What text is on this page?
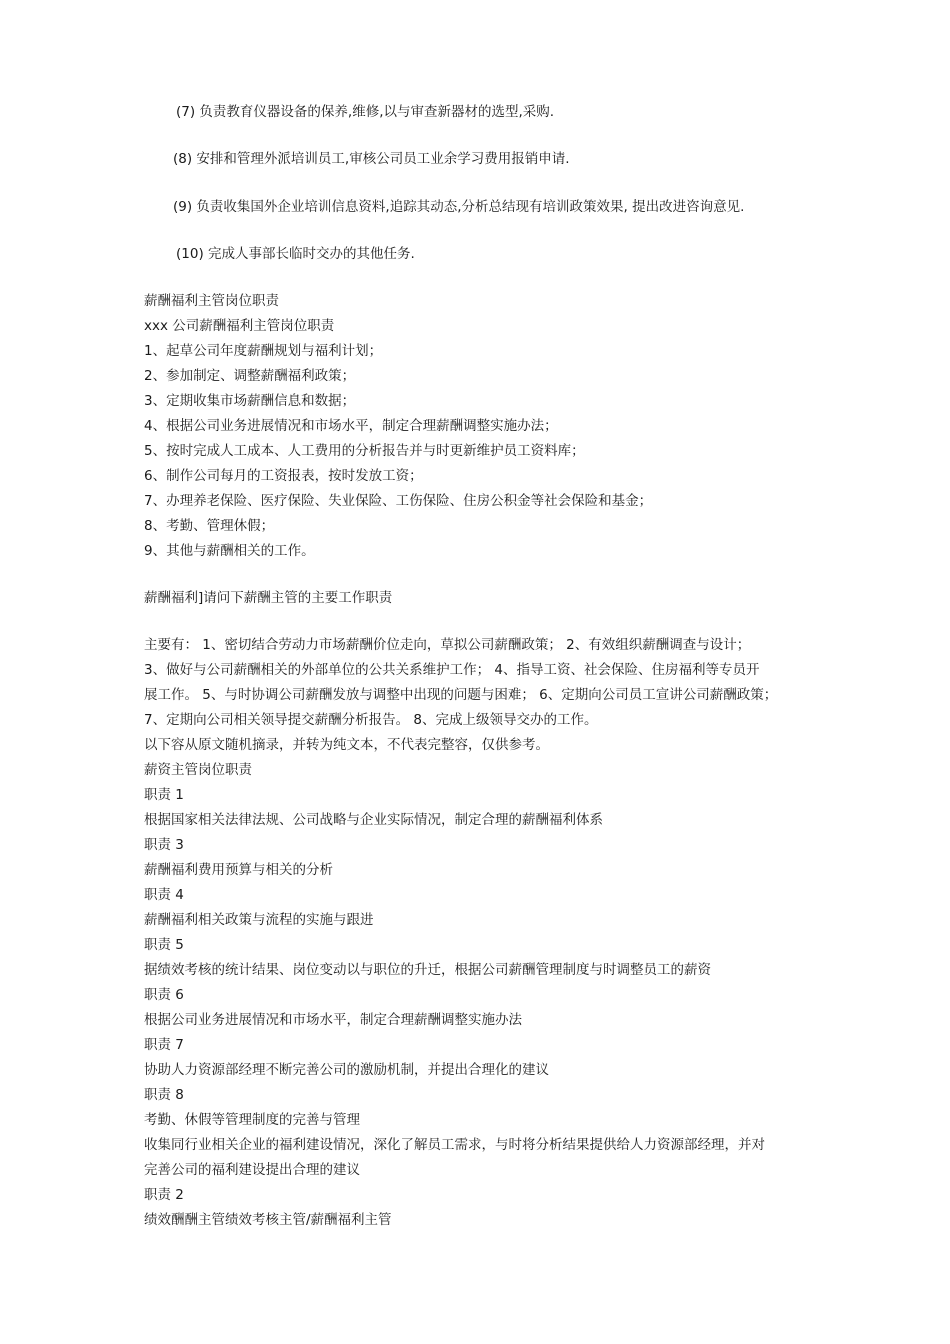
(7) 负责教育仪器设备的保养,维修,以与审查新器材的选型,采购.
(8) 安排和管理外派培训员工,审核公司员工业余学习费用报销申请.
(9) 负责收集国外企业培训信息资料,追踪其动态,分析总结现有培训政策效果, 提出改进咨询意见.
(10) 完成人事部长临时交办的其他任务.
薪酬福利主管岗位职责
xxx 公司薪酬福利主管岗位职责
1、起草公司年度薪酬规划与福利计划；
2、参加制定、调整薪酬福利政策；
3、定期收集市场薪酬信息和数据；
4、根据公司业务进展情况和市场水平，制定合理薪酬调整实施办法；
5、按时完成人工成本、人工费用的分析报告并与时更新维护员工资料库；
6、制作公司每月的工资报表，按时发放工资；
7、办理养老保险、医疗保险、失业保险、工伤保险、住房公积金等社会保险和基金；
8、考勤、管理休假；
9、其他与薪酬相关的工作。
薪酬福利]请问下薪酬主管的主要工作职责
主要有： 1、密切结合劳动力市场薪酬价位走向，草拟公司薪酬政策； 2、有效组织薪酬调查与设计；
3、做好与公司薪酬相关的外部单位的公共关系维护工作； 4、指导工资、社会保险、住房福利等专员开
展工作。 5、与时协调公司薪酬发放与调整中出现的问题与困难； 6、定期向公司员工宣讲公司薪酬政策；
7、定期向公司相关领导提交薪酬分析报告。 8、完成上级领导交办的工作。
以下容从原文随机摘录，并转为纯文本，不代表完整容，仅供参考。
薪资主管岗位职责
职责 1
根据国家相关法律法规、公司战略与企业实际情况，制定合理的薪酬福利体系
职责 3
薪酬福利费用预算与相关的分析
职责 4
薪酬福利相关政策与流程的实施与跟进
职责 5
据绩效考核的统计结果、岗位变动以与职位的升迁，根据公司薪酬管理制度与时调整员工的薪资
职责 6
根据公司业务进展情况和市场水平，制定合理薪酬调整实施办法
职责 7
协助人力资源部经理不断完善公司的激励机制，并提出合理化的建议
职责 8
考勤、休假等管理制度的完善与管理
收集同行业相关企业的福利建设情况，深化了解员工需求，与时将分析结果提供给人力资源部经理，并对
完善公司的福利建设提出合理的建议
职责 2
绩效酬酬主管绩效考核主管/薪酬福利主管
